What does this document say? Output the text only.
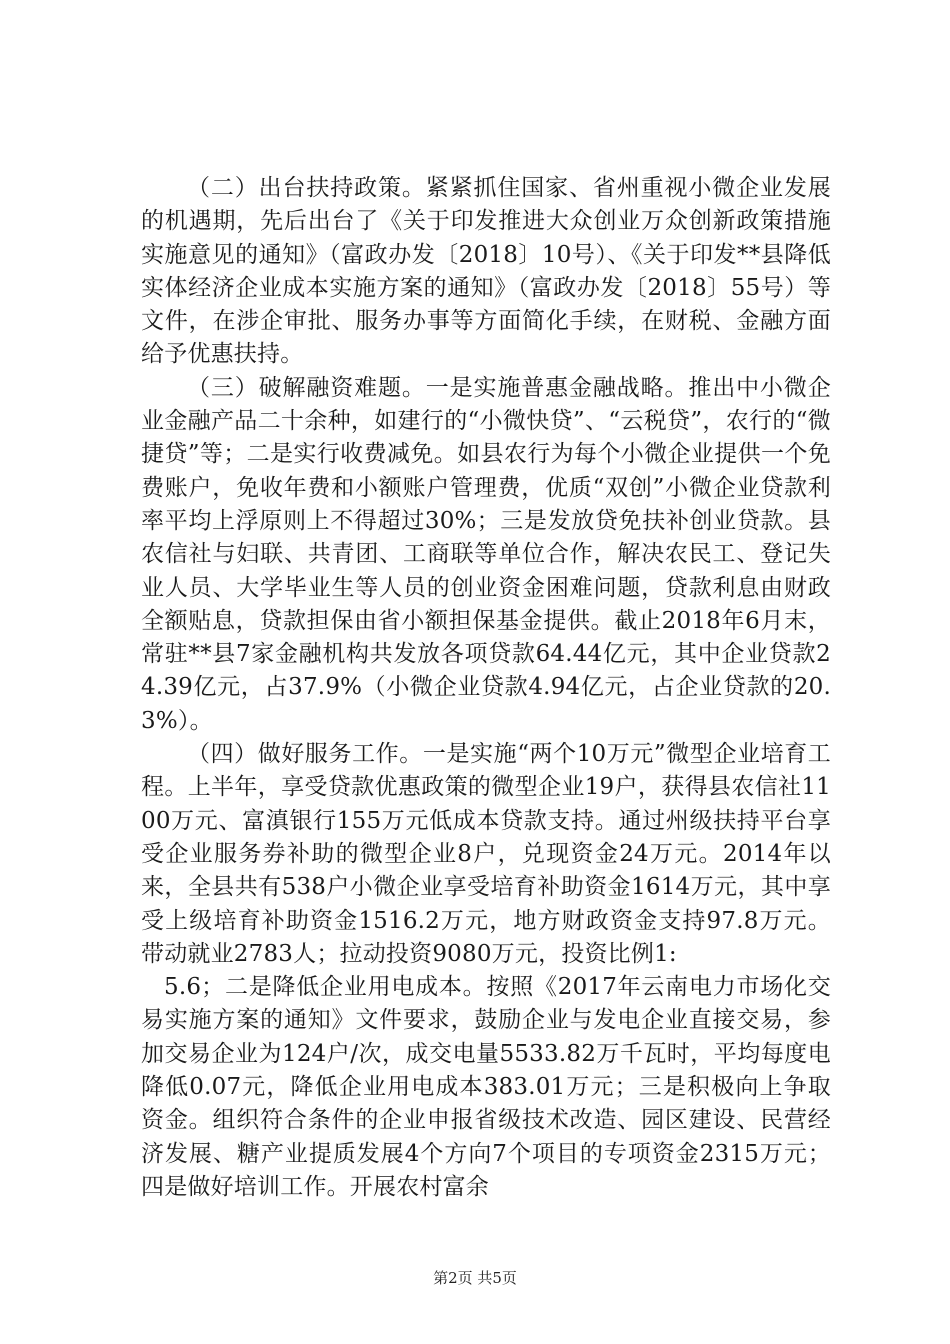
（二）出台扶持政策。紧紧抓住国家、省州重视小微企业发展的机遇期，先后出台了《关于印发推进大众创业万众创新政策措施实施意见的通知》（富政办发〔2018〕10号）、《关于印发**县降低实体经济企业成本实施方案的通知》（富政办发〔2018〕55号）等文件，在涉企审批、服务办事等方面简化手续，在财税、金融方面给予优惠扶持。

（三）破解融资难题。一是实施普惠金融战略。推出中小微企业金融产品二十余种，如建行的“小微快贷”、“云税贷”，农行的“微捷贷”等；二是实行收费减免。如县农行为每个小微企业提供一个免费账户，免收年费和小额账户管理费，优质“双创”小微企业贷款利率平均上浮原则上不得超过30%；三是发放贷免扶补创业贷款。县农信社与妇联、共青团、工商联等单位合作，解决农民工、登记失业人员、大学毕业生等人员的创业资金困难问题，贷款利息由财政全额贴息，贷款担保由省小额担保基金提供。截止2018年6月末，常驻**县7家金融机构共发放各项贷款64.44亿元，其中企业贷款24.39亿元，占37.9%（小微企业贷款4.94亿元，占企业贷款的20.3%）。

（四）做好服务工作。一是实施“两个10万元”微型企业培育工程。上半年，享受贷款优惠政策的微型企业19户，获得县农信社1100万元、富滇银行155万元低成本贷款支持。通过州级扶持平台享受企业服务券补助的微型企业8户，兑现资金24万元。2014年以来，全县共有538户小微企业享受培育补助资金1614万元，其中享受上级培育补助资金1516.2万元，地方财政资金支持97.8万元。带动就业2783人；拉动投资9080万元，投资比例1:

5.6；二是降低企业用电成本。按照《2017年云南电力市场化交易实施方案的通知》文件要求，鼓励企业与发电企业直接交易，参加交易企业为124户/次，成交电量5533.82万千瓦时，平均每度电降低0.07元，降低企业用电成本383.01万元；三是积极向上争取资金。组织符合条件的企业申报省级技术改造、园区建设、民营经济发展、糖产业提质发展4个方向7个项目的专项资金2315万元；四是做好培训工作。开展农村富余

第2页 共5页
